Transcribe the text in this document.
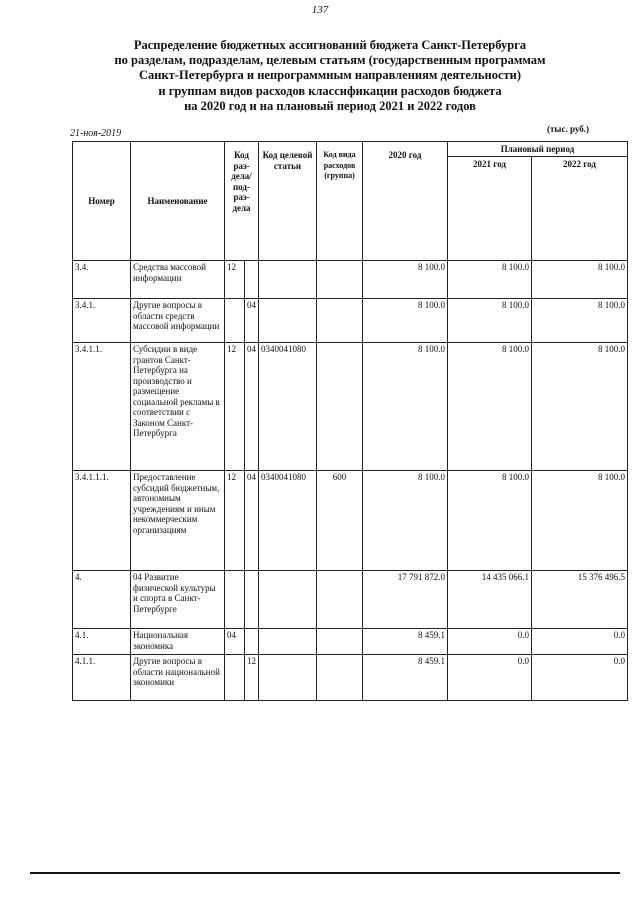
137
Распределение бюджетных ассигнований бюджета Санкт-Петербурга
по разделам, подразделам, целевым статьям (государственным программам
Санкт-Петербурга и непрограммным направлениям деятельности)
и группам видов расходов классификации расходов бюджета
на 2020 год и на плановый период 2021 и 2022 годов
21-ноя-2019	(тыс. руб.)
Номер	Наименование	Код раз-дела/ под-раз-дела		Код целевой статьи	Код вида расходов (группа)	2020 год	Плановый период	
							2021 год	2022 год
3.4.	Средства массовой информации	12				8 100.0	8 100.0	8 100.0
3.4.1.	Другие вопросы в области средств массовой информации		04			8 100.0	8 100.0	8 100.0
3.4.1.1.	Субсидии в виде грантов Санкт-Петербурга на производство и размещение социальной рекламы в соответствии с Законом Санкт-Петербурга	12	04	0340041080		8 100.0	8 100.0	8 100.0
3.4.1.1.1.	Предоставление субсидий бюджетным, автономным учреждениям и иным некоммерческим организациям	12	04	0340041080	600	8 100.0	8 100.0	8 100.0
4.	04 Развитие физической культуры и спорта в Санкт-Петербурге					17 791 872.0	14 435 066.1	15 376 496.5
4.1.	Национальная экономика	04				8 459.1	0.0	0.0
4.1.1.	Другие вопросы в области национальной экономики		12			8 459.1	0.0	0.0
